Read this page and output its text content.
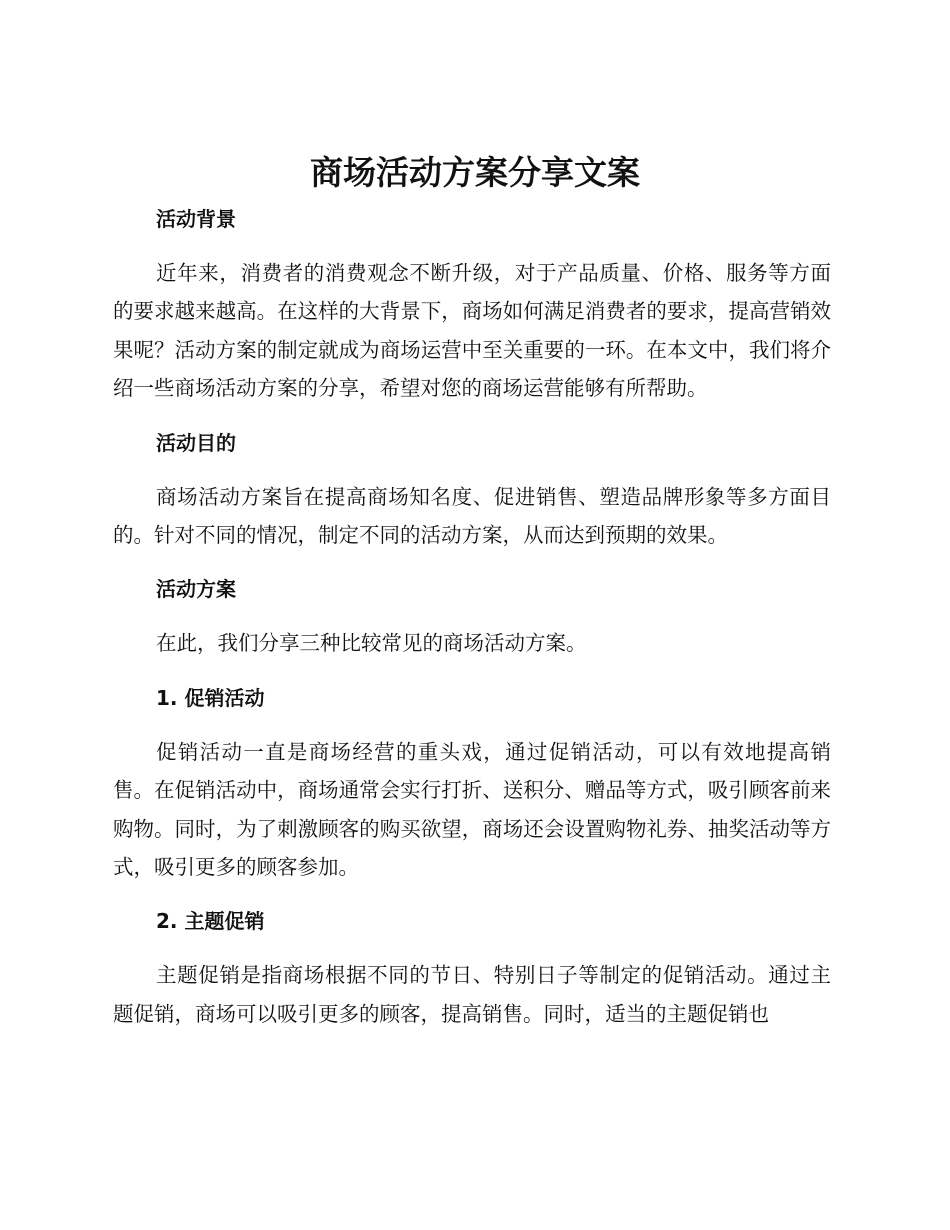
商场活动方案分享文案
活动背景

近年来，消费者的消费观念不断升级，对于产品质量、价格、服务等方面的要求越来越高。在这样的大背景下，商场如何满足消费者的要求，提高营销效果呢？活动方案的制定就成为商场运营中至关重要的一环。在本文中，我们将介绍一些商场活动方案的分享，希望对您的商场运营能够有所帮助。

活动目的

商场活动方案旨在提高商场知名度、促进销售、塑造品牌形象等多方面目的。针对不同的情况，制定不同的活动方案，从而达到预期的效果。

活动方案

在此，我们分享三种比较常见的商场活动方案。

1. 促销活动

促销活动一直是商场经营的重头戏，通过促销活动，可以有效地提高销售。在促销活动中，商场通常会实行打折、送积分、赠品等方式，吸引顾客前来购物。同时，为了刺激顾客的购买欲望，商场还会设置购物礼券、抽奖活动等方式，吸引更多的顾客参加。

2. 主题促销

主题促销是指商场根据不同的节日、特别日子等制定的促销活动。通过主题促销，商场可以吸引更多的顾客，提高销售。同时，适当的主题促销也
